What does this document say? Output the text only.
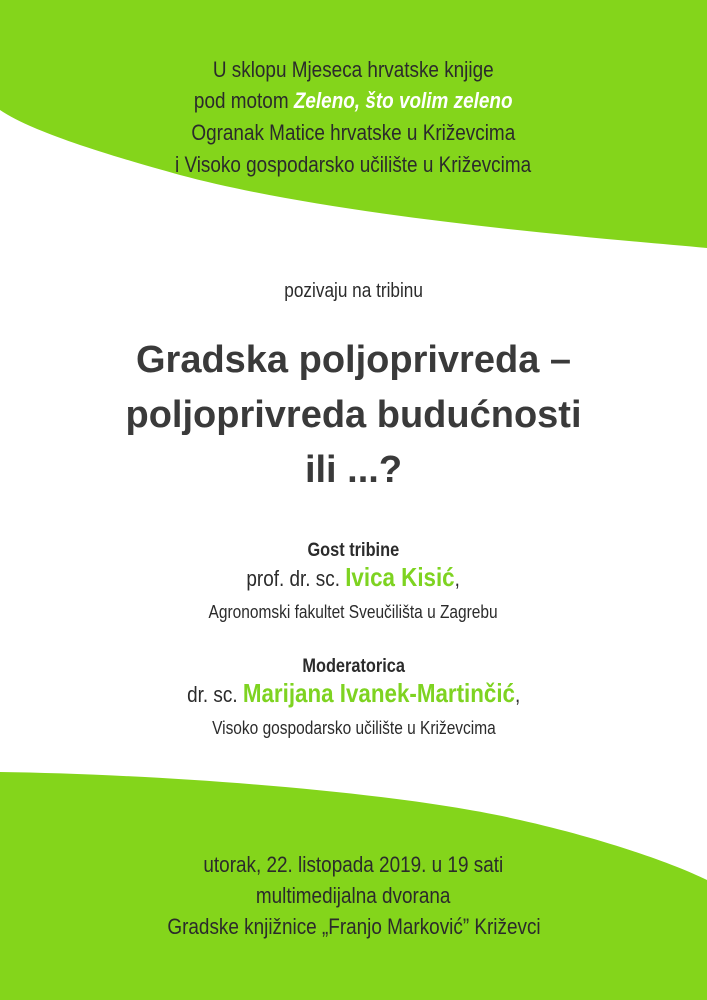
U sklopu Mjeseca hrvatske knjige
pod motom Zeleno, što volim zeleno
Ogranak Matice hrvatske u Križevcima
i Visoko gospodarsko učilište u Križevcima
pozivaju na tribinu
Gradska poljoprivreda –
poljoprivreda budućnosti
ili ...?
Gost tribine
prof. dr. sc. Ivica Kisić,
Agronomski fakultet Sveučilišta u Zagrebu
Moderatorica
dr. sc. Marijana Ivanek-Martinčić,
Visoko gospodarsko učilište u Križevcima
utorak, 22. listopada 2019. u 19 sati
multimedijalna dvorana
Gradske knjižnice „Franjo Marković” Križevci
